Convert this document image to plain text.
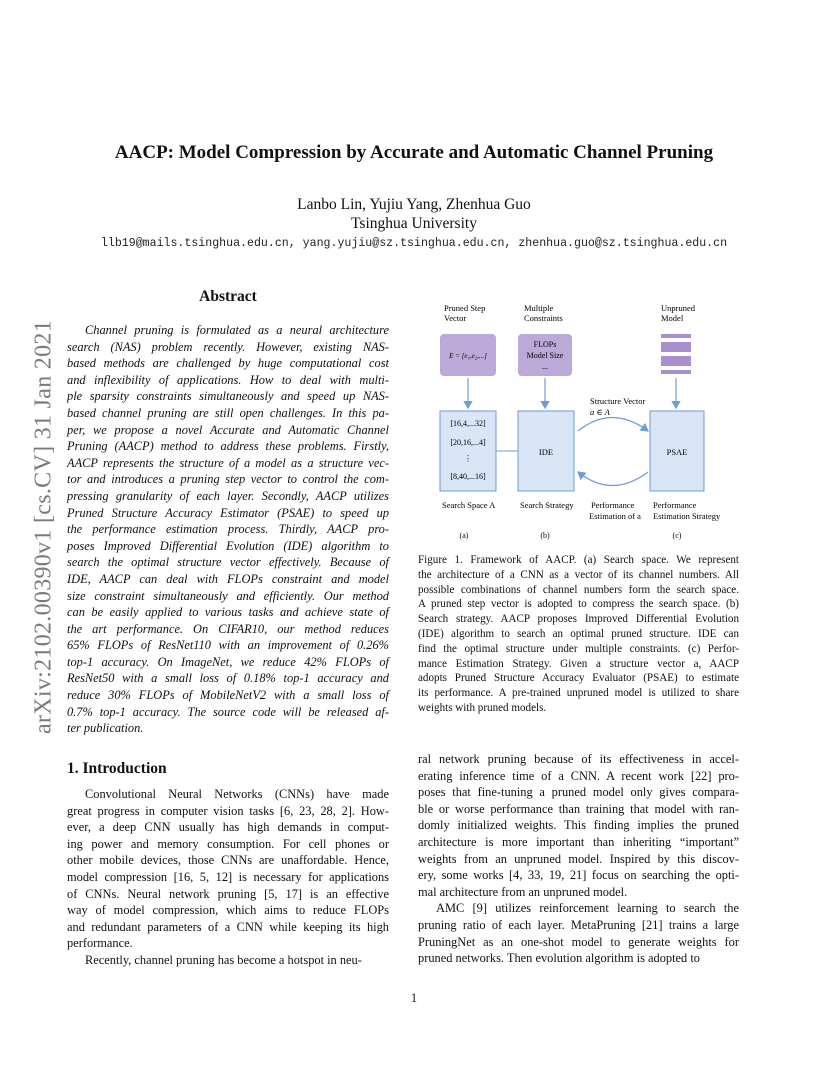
AACP: Model Compression by Accurate and Automatic Channel Pruning
Lanbo Lin, Yujiu Yang, Zhenhua Guo
Tsinghua University
llb19@mails.tsinghua.edu.cn, yang.yujiu@sz.tsinghua.edu.cn, zhenhua.guo@sz.tsinghua.edu.cn
arXiv:2102.00390v1 [cs.CV] 31 Jan 2021
Abstract
Channel pruning is formulated as a neural architecture
search (NAS) problem recently. However, existing NAS-
based methods are challenged by huge computational cost
and inflexibility of applications. How to deal with multi-
ple sparsity constraints simultaneously and speed up NAS-
based channel pruning are still open challenges. In this pa-
per, we propose a novel Accurate and Automatic Channel
Pruning (AACP) method to address these problems. Firstly,
AACP represents the structure of a model as a structure vec-
tor and introduces a pruning step vector to control the com-
pressing granularity of each layer. Secondly, AACP utilizes
Pruned Structure Accuracy Estimator (PSAE) to speed up
the performance estimation process. Thirdly, AACP pro-
poses Improved Differential Evolution (IDE) algorithm to
search the optimal structure vector effectively. Because of
IDE, AACP can deal with FLOPs constraint and model
size constraint simultaneously and efficiently. Our method
can be easily applied to various tasks and achieve state of
the art performance. On CIFAR10, our method reduces
65% FLOPs of ResNet110 with an improvement of 0.26%
top-1 accuracy. On ImageNet, we reduce 42% FLOPs of
ResNet50 with a small loss of 0.18% top-1 accuracy and
reduce 30% FLOPs of MobileNetV2 with a small loss of
0.7% top-1 accuracy. The source code will be released af-
ter publication.
Pruned Step
Vector
Multiple
Constraints
Unpruned
Model
E = [e₁,e₂,...]
FLOPs
Model Size
...
[16,4,...32]
[20,16,...4]
⋮
[8,40,...16]
IDE	PSAE
Structure Vector
a ∈ A
Search Space A	Search Strategy Performance
Estimation of a
Performance
Estimation Strategy
(a)	(b)	(c)
Figure 1. Framework of AACP. (a) Search space. We represent
the architecture of a CNN as a vector of its channel numbers. All
possible combinations of channel numbers form the search space.
A pruned step vector is adopted to compress the search space. (b)
Search strategy. AACP proposes Improved Differential Evolution
(IDE) algorithm to search an optimal pruned structure. IDE can
find the optimal structure under multiple constraints. (c) Perfor-
mance Estimation Strategy. Given a structure vector a, AACP
adopts Pruned Structure Accuracy Evaluator (PSAE) to estimate
its performance. A pre-trained unpruned model is utilized to share
weights with pruned models.
1. Introduction
Convolutional Neural Networks (CNNs) have made
great progress in computer vision tasks [6, 23, 28, 2]. How-
ever, a deep CNN usually has high demands in comput-
ing power and memory consumption. For cell phones or
other mobile devices, those CNNs are unaffordable. Hence,
model compression [16, 5, 12] is necessary for applications
of CNNs. Neural network pruning [5, 17] is an effective
way of model compression, which aims to reduce FLOPs
and redundant parameters of a CNN while keeping its high
performance.
Recently, channel pruning has become a hotspot in neu-
ral network pruning because of its effectiveness in accel-
erating inference time of a CNN. A recent work [22] pro-
poses that fine-tuning a pruned model only gives compara-
ble or worse performance than training that model with ran-
domly initialized weights. This finding implies the pruned
architecture is more important than inheriting “important”
weights from an unpruned model. Inspired by this discov-
ery, some works [4, 33, 19, 21] focus on searching the opti-
mal architecture from an unpruned model.
AMC [9] utilizes reinforcement learning to search the
pruning ratio of each layer. MetaPruning [21] trains a large
PruningNet as an one-shot model to generate weights for
pruned networks. Then evolution algorithm is adopted to
1
